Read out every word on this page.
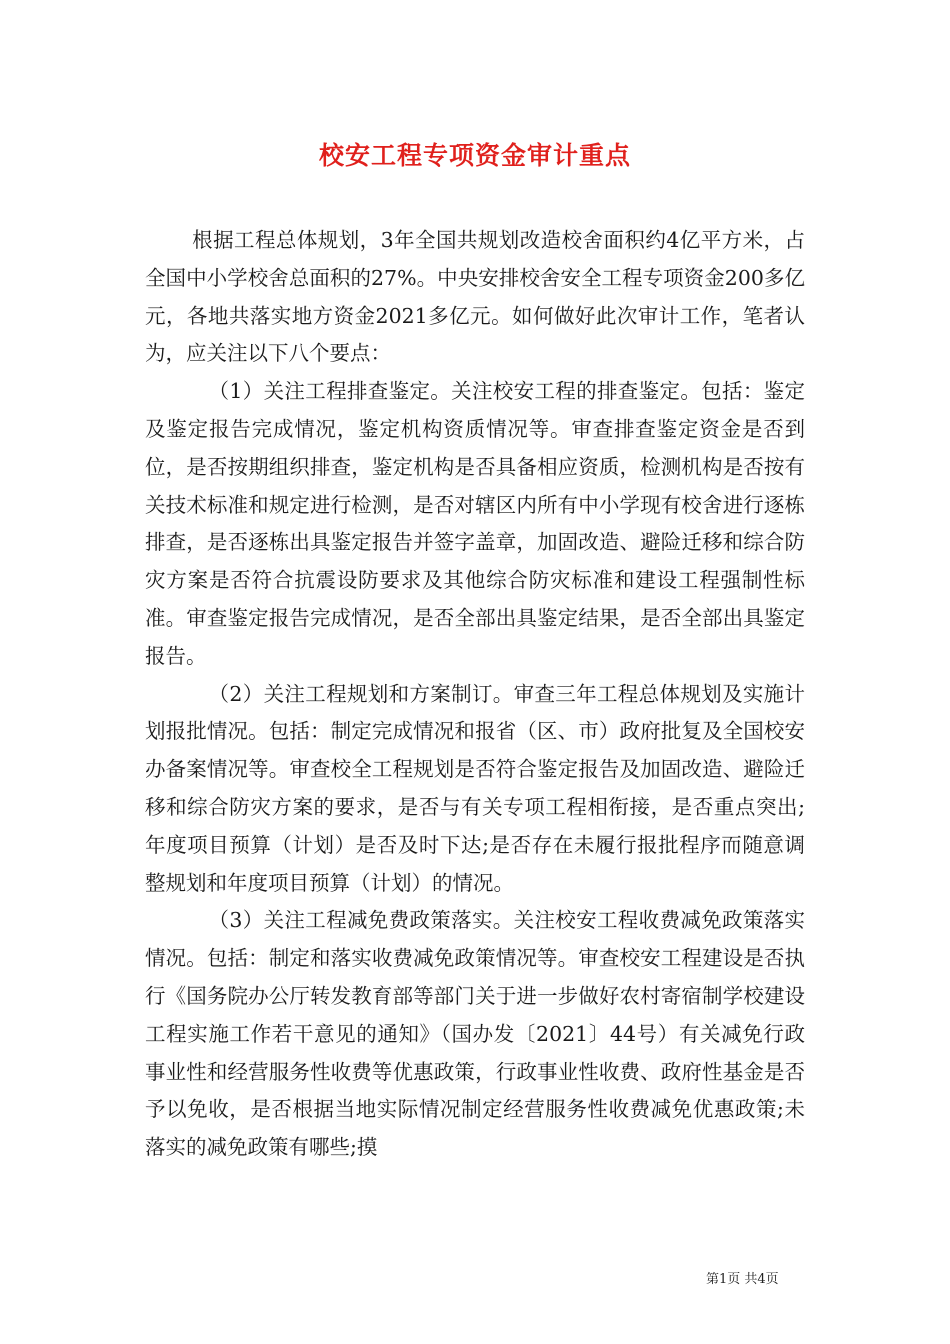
校安工程专项资金审计重点

根据工程总体规划，3年全国共规划改造校舍面积约4亿平方米，占全国中小学校舍总面积的27%。中央安排校舍安全工程专项资金200多亿元，各地共落实地方资金2021多亿元。如何做好此次审计工作，笔者认为，应关注以下八个要点：

（1）关注工程排查鉴定。关注校安工程的排查鉴定。包括：鉴定及鉴定报告完成情况，鉴定机构资质情况等。审查排查鉴定资金是否到位，是否按期组织排查，鉴定机构是否具备相应资质，检测机构是否按有关技术标准和规定进行检测，是否对辖区内所有中小学现有校舍进行逐栋排查，是否逐栋出具鉴定报告并签字盖章，加固改造、避险迁移和综合防灾方案是否符合抗震设防要求及其他综合防灾标准和建设工程强制性标准。审查鉴定报告完成情况，是否全部出具鉴定结果，是否全部出具鉴定报告。

（2）关注工程规划和方案制订。审查三年工程总体规划及实施计划报批情况。包括：制定完成情况和报省（区、市）政府批复及全国校安办备案情况等。审查校全工程规划是否符合鉴定报告及加固改造、避险迁移和综合防灾方案的要求，是否与有关专项工程相衔接，是否重点突出;年度项目预算（计划）是否及时下达;是否存在未履行报批程序而随意调整规划和年度项目预算（计划）的情况。

（3）关注工程减免费政策落实。关注校安工程收费减免政策落实情况。包括：制定和落实收费减免政策情况等。审查校安工程建设是否执行《国务院办公厅转发教育部等部门关于进一步做好农村寄宿制学校建设工程实施工作若干意见的通知》（国办发〔2021〕44号）有关减免行政事业性和经营服务性收费等优惠政策，行政事业性收费、政府性基金是否予以免收，是否根据当地实际情况制定经营服务性收费减免优惠政策;未落实的减免政策有哪些;摸

第1页 共4页
